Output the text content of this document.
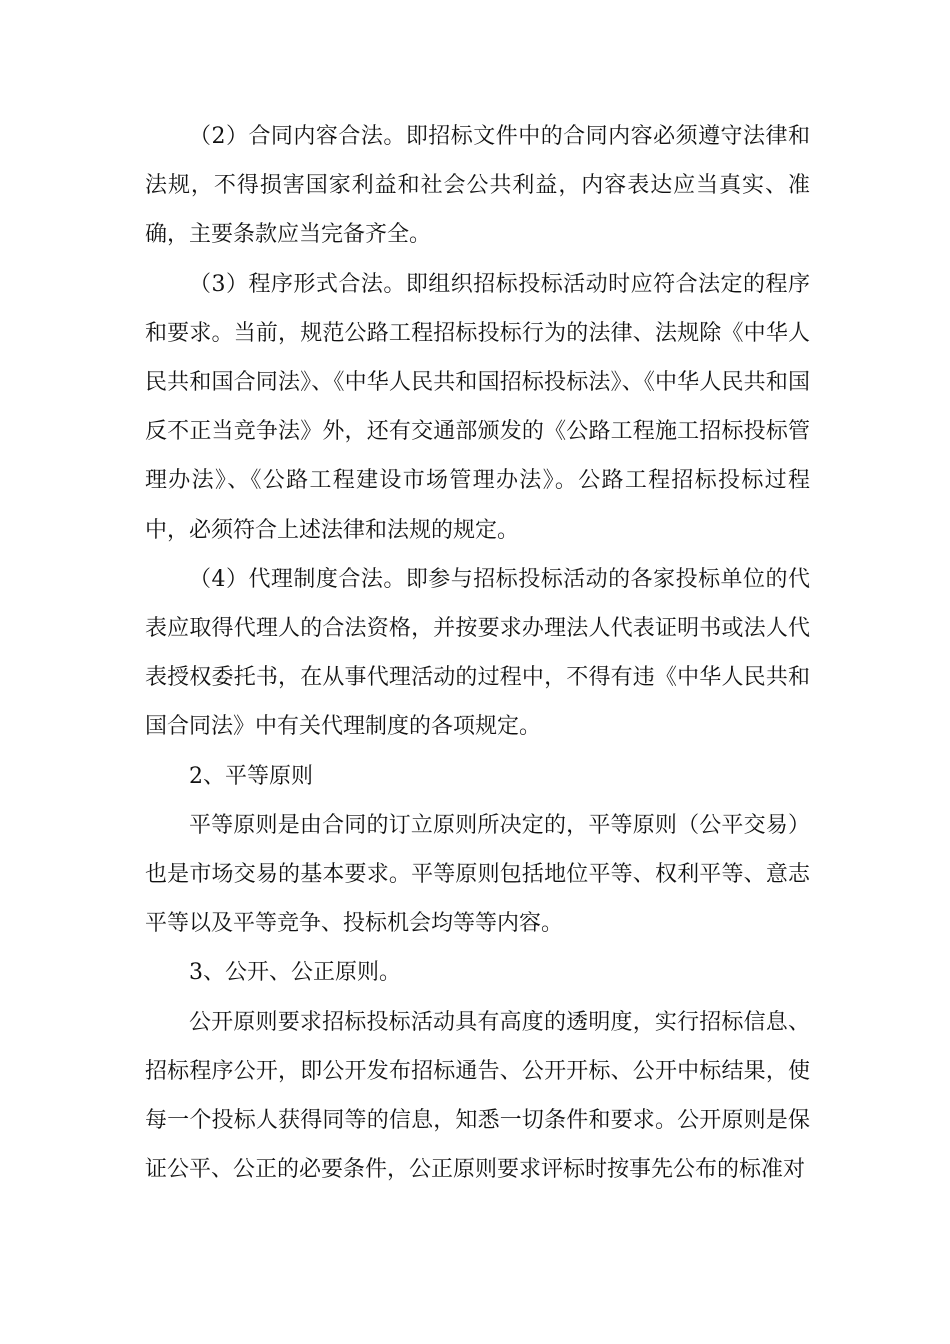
（2）合同内容合法。即招标文件中的合同内容必须遵守法律和法规，不得损害国家利益和社会公共利益，内容表达应当真实、准确，主要条款应当完备齐全。

（3）程序形式合法。即组织招标投标活动时应符合法定的程序和要求。当前，规范公路工程招标投标行为的法律、法规除《中华人民共和国合同法》、《中华人民共和国招标投标法》、《中华人民共和国反不正当竞争法》外，还有交通部颁发的《公路工程施工招标投标管理办法》、《公路工程建设市场管理办法》。公路工程招标投标过程中，必须符合上述法律和法规的规定。

（4）代理制度合法。即参与招标投标活动的各家投标单位的代表应取得代理人的合法资格，并按要求办理法人代表证明书或法人代表授权委托书，在从事代理活动的过程中，不得有违《中华人民共和国合同法》中有关代理制度的各项规定。

2、平等原则

平等原则是由合同的订立原则所决定的，平等原则（公平交易）也是市场交易的基本要求。平等原则包括地位平等、权利平等、意志平等以及平等竞争、投标机会均等等内容。

3、公开、公正原则。

公开原则要求招标投标活动具有高度的透明度，实行招标信息、招标程序公开，即公开发布招标通告、公开开标、公开中标结果，使每一个投标人获得同等的信息，知悉一切条件和要求。公开原则是保证公平、公正的必要条件，公正原则要求评标时按事先公布的标准对
